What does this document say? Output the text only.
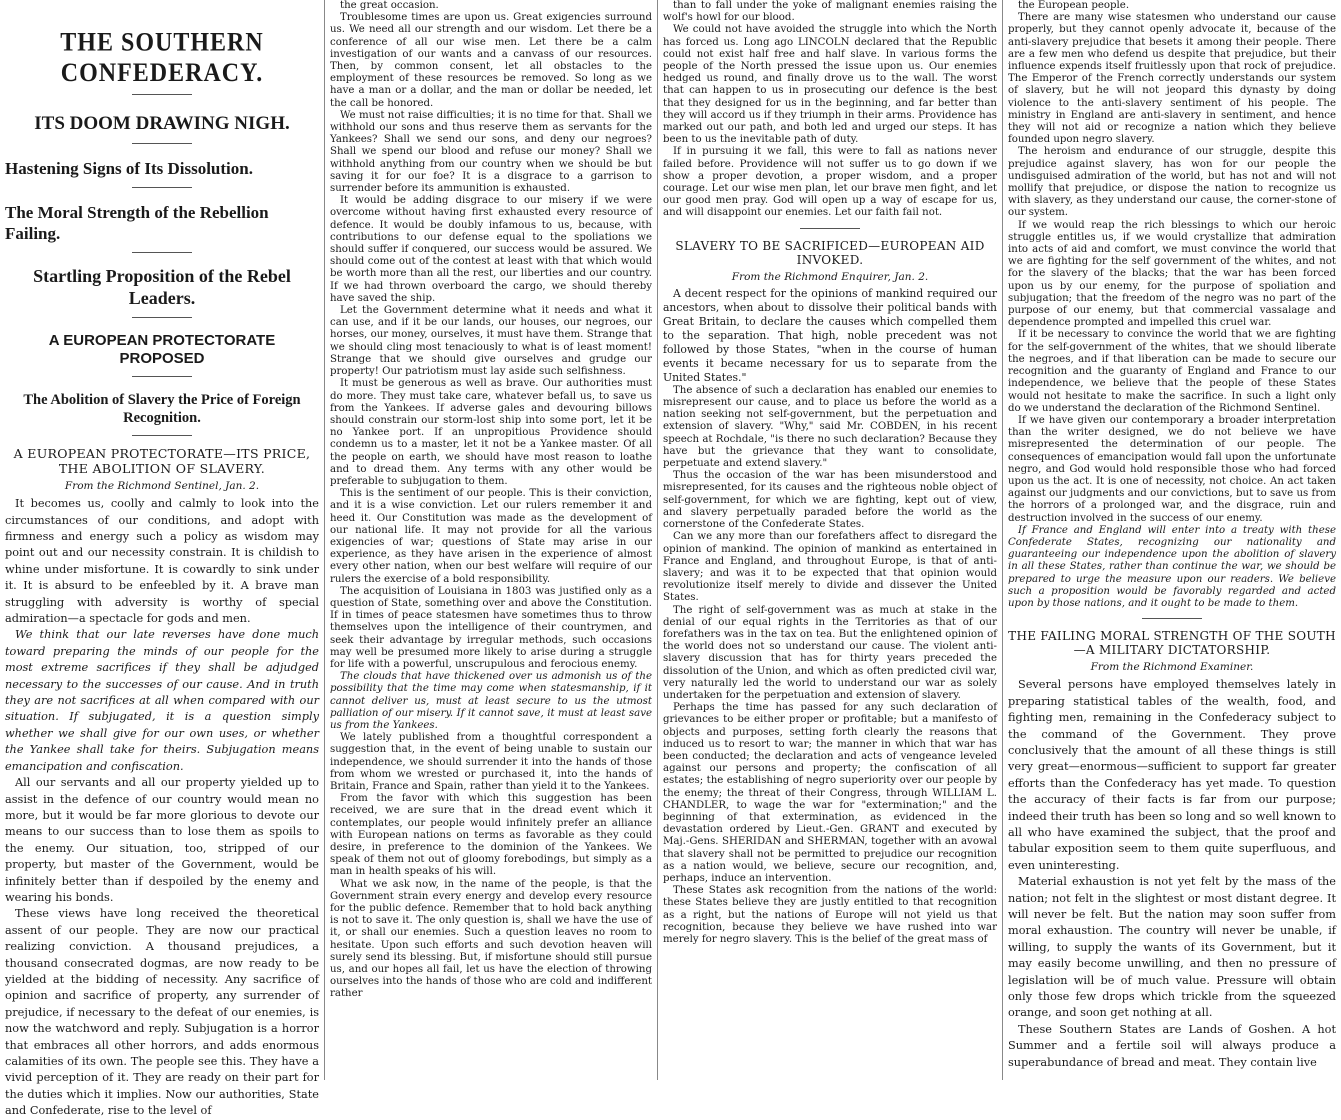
THE SOUTHERN CONFEDERACY.
ITS DOOM DRAWING NIGH.
Hastening Signs of Its Dissolution.
The Moral Strength of the Rebellion Failing.
Startling Proposition of the Rebel Leaders.
A EUROPEAN PROTECTORATE PROPOSED
The Abolition of Slavery the Price of Foreign Recognition.
A EUROPEAN PROTECTORATE—ITS PRICE, THE ABOLITION OF SLAVERY.
From the Richmond Sentinel, Jan. 2.

It becomes us, coolly and calmly to look into the circumstances of our conditions, and adopt with firmness and energy such a policy as wisdom may point out and our necessity constrain. It is childish to whine under misfortune. It is cowardly to sink under it. It is absurd to be enfeebled by it. A brave man struggling with adversity is worthy of special admiration—a spectacle for gods and men.

We think that our late reverses have done much toward preparing the minds of our people for the most extreme sacrifices if they shall be adjudged necessary to the successes of our cause. And in truth they are not sacrifices at all when compared with our situation. If subjugated, it is a question simply whether we shall give for our own uses, or whether the Yankee shall take for theirs. Subjugation means emancipation and confiscation.

All our servants and all our property yielded up to assist in the defence of our country would mean no more, but it would be far more glorious to devote our means to our success than to lose them as spoils to the enemy. Our situation, too, stripped of our property, but master of the Government, would be infinitely better than if despoiled by the enemy and wearing his bonds.

These views have long received the theoretical assent of our people. They are now our practical realizing conviction. A thousand prejudices, a thousand consecrated dogmas, are now ready to be yielded at the bidding of necessity. Any sacrifice of opinion and sacrifice of property, any surrender of prejudice, if necessary to the defeat of our enemies, is now the watchword and reply. Subjugation is a horror that embraces all other horrors, and adds enormous calamities of its own. The people see this. They have a vivid perception of it. They are ready on their part for the duties which it implies. Now our authorities, State and Confederate, rise to the level of

the great occasion.

Troublesome times are upon us. Great exigencies surround us. We need all our strength and our wisdom. Let there be a conference of all our wise men. Let there be a calm investigation of our wants and a canvass of our resources. Then, by common consent, let all obstacles to the employment of these resources be removed. So long as we have a man or a dollar, and the man or dollar be needed, let the call be honored.

We must not raise difficulties; it is no time for that. Shall we withhold our sons and thus reserve them as servants for the Yankees? Shall we send our sons, and deny our negroes? Shall we spend our blood and refuse our money? Shall we withhold anything from our country when we should be but saving it for our foe? It is a disgrace to a garrison to surrender before its ammunition is exhausted.

It would be adding disgrace to our misery if we were overcome without having first exhausted every resource of defence. It would be doubly infamous to us, because, with contributions to our defense equal to the spoliations we should suffer if conquered, our success would be assured. We should come out of the contest at least with that which would be worth more than all the rest, our liberties and our country. If we had thrown overboard the cargo, we should thereby have saved the ship.

Let the Government determine what it needs and what it can use, and if it be our lands, our houses, our negroes, our horses, our money, ourselves, it must have them. Strange that we should cling most tenaciously to what is of least moment! Strange that we should give ourselves and grudge our property! Our patriotism must lay aside such selfishness.

It must be generous as well as brave. Our authorities must do more. They must take care, whatever befall us, to save us from the Yankees. If adverse gales and devouring billows should constrain our storm-lost ship into some port, let it be no Yankee port. If an unpropitious Providence should condemn us to a master, let it not be a Yankee master. Of all the people on earth, we should have most reason to loathe and to dread them. Any terms with any other would be preferable to subjugation to them.

This is the sentiment of our people. This is their conviction, and it is a wise conviction. Let our rulers remember it and heed it. Our Constitution was made as the development of our national life. It may not provide for all the various exigencies of war; questions of State may arise in our experience, as they have arisen in the experience of almost every other nation, when our best welfare will require of our rulers the exercise of a bold responsibility.

The acquisition of Louisiana in 1803 was justified only as a question of State, something over and above the Constitution. If in times of peace statesmen have sometimes thus to throw themselves upon the intelligence of their countrymen, and seek their advantage by irregular methods, such occasions may well be presumed more likely to arise during a struggle for life with a powerful, unscrupulous and ferocious enemy.

The clouds that have thickened over us admonish us of the possibility that the time may come when statesmanship, if it cannot deliver us, must at least secure to us the utmost palliation of our misery. If it cannot save, it must at least save us from the Yankees.

We lately published from a thoughtful correspondent a suggestion that, in the event of being unable to sustain our independence, we should surrender it into the hands of those from whom we wrested or purchased it, into the hands of Britain, France and Spain, rather than yield it to the Yankees.

From the favor with which this suggestion has been received, we are sure that in the dread event which it contemplates, our people would infinitely prefer an alliance with European nations on terms as favorable as they could desire, in preference to the dominion of the Yankees. We speak of them not out of gloomy forebodings, but simply as a man in health speaks of his will.

What we ask now, in the name of the people, is that the Government strain every energy and develop every resource for the public defence. Remember that to hold back anything is not to save it. The only question is, shall we have the use of it, or shall our enemies. Such a question leaves no room to hesitate. Upon such efforts and such devotion heaven will surely send its blessing. But, if misfortune should still pursue us, and our hopes all fail, let us have the election of throwing ourselves into the hands of those who are cold and indifferent rather

than to fall under the yoke of malignant enemies raising the wolf's howl for our blood.

We could not have avoided the struggle into which the North has forced us. Long ago LINCOLN declared that the Republic could not exist half free and half slave. In various forms the people of the North pressed the issue upon us. Our enemies hedged us round, and finally drove us to the wall. The worst that can happen to us in prosecuting our defence is the best that they designed for us in the beginning, and far better than they will accord us if they triumph in their arms. Providence has marked out our path, and both led and urged our steps. It has been to us the inevitable path of duty.

If in pursuing it we fall, this were to fall as nations never failed before. Providence will not suffer us to go down if we show a proper devotion, a proper wisdom, and a proper courage. Let our wise men plan, let our brave men fight, and let our good men pray. God will open up a way of escape for us, and will disappoint our enemies. Let our faith fail not.

SLAVERY TO BE SACRIFICED—EUROPEAN AID INVOKED.
From the Richmond Enquirer, Jan. 2.

A decent respect for the opinions of mankind required our ancestors, when about to dissolve their political bands with Great Britain, to declare the causes which compelled them to the separation. That high, noble precedent was not followed by those States, "when in the course of human events it became necessary for us to separate from the United States."

The absence of such a declaration has enabled our enemies to misrepresent our cause, and to place us before the world as a nation seeking not self-government, but the perpetuation and extension of slavery. "Why," said Mr. COBDEN, in his recent speech at Rochdale, "is there no such declaration? Because they have but the grievance that they want to consolidate, perpetuate and extend slavery."

Thus the occasion of the war has been misunderstood and misrepresented, for its causes and the righteous noble object of self-government, for which we are fighting, kept out of view, and slavery perpetually paraded before the world as the cornerstone of the Confederate States.

Can we any more than our forefathers affect to disregard the opinion of mankind. The opinion of mankind as entertained in France and England, and throughout Europe, is that of anti-slavery; and was it to be expected that that opinion would revolutionize itself merely to divide and dissever the United States.

The right of self-government was as much at stake in the denial of our equal rights in the Territories as that of our forefathers was in the tax on tea. But the enlightened opinion of the world does not so understand our cause. The violent anti-slavery discussion that has for thirty years preceded the dissolution of the Union, and which as often predicted civil war, very naturally led the world to understand our war as solely undertaken for the perpetuation and extension of slavery.

Perhaps the time has passed for any such declaration of grievances to be either proper or profitable; but a manifesto of objects and purposes, setting forth clearly the reasons that induced us to resort to war; the manner in which that war has been conducted; the declaration and acts of vengeance leveled against our persons and property; the confiscation of all estates; the establishing of negro superiority over our people by the enemy; the threat of their Congress, through WILLIAM L. CHANDLER, to wage the war for "extermination;" and the beginning of that extermination, as evidenced in the devastation ordered by Lieut.-Gen. GRANT and executed by Maj.-Gens. SHERIDAN and SHERMAN, together with an avowal that slavery shall not be permitted to prejudice our recognition as a nation would, we believe, secure our recognition, and, perhaps, induce an intervention.

These States ask recognition from the nations of the world: these States believe they are justly entitled to that recognition as a right, but the nations of Europe will not yield us that recognition, because they believe we have rushed into war merely for negro slavery. This is the belief of the great mass of

the European people.

There are many wise statesmen who understand our cause properly, but they cannot openly advocate it, because of the anti-slavery prejudice that besets it among their people. There are a few men who defend us despite that prejudice, but their influence expends itself fruitlessly upon that rock of prejudice. The Emperor of the French correctly understands our system of slavery, but he will not jeopard this dynasty by doing violence to the anti-slavery sentiment of his people. The ministry in England are anti-slavery in sentiment, and hence they will not aid or recognize a nation which they believe founded upon negro slavery.

The heroism and endurance of our struggle, despite this prejudice against slavery, has won for our people the undisguised admiration of the world, but has not and will not mollify that prejudice, or dispose the nation to recognize us with slavery, as they understand our cause, the corner-stone of our system.

If we would reap the rich blessings to which our heroic struggle entitles us, if we would crystallize that admiration into acts of aid and comfort, we must convince the world that we are fighting for the self government of the whites, and not for the slavery of the blacks; that the war has been forced upon us by our enemy, for the purpose of spoliation and subjugation; that the freedom of the negro was no part of the purpose of our enemy, but that commercial vassalage and dependence prompted and impelled this cruel war.

If it be necessary to convince the world that we are fighting for the self-government of the whites, that we should liberate the negroes, and if that liberation can be made to secure our recognition and the guaranty of England and France to our independence, we believe that the people of these States would not hesitate to make the sacrifice. In such a light only do we understand the declaration of the Richmond Sentinel.

If we have given our contemporary a broader interpretation than the writer designed, we do not believe we have misrepresented the determination of our people. The consequences of emancipation would fall upon the unfortunate negro, and God would hold responsible those who had forced upon us the act. It is one of necessity, not choice. An act taken against our judgments and our convictions, but to save us from the horrors of a prolonged war, and the disgrace, ruin and destruction involved in the success of our enemy.

If France and England will enter into a treaty with these Confederate States, recognizing our nationality and guaranteeing our independence upon the abolition of slavery in all these States, rather than continue the war, we should be prepared to urge the measure upon our readers. We believe such a proposition would be favorably regarded and acted upon by those nations, and it ought to be made to them.

THE FAILING MORAL STRENGTH OF THE SOUTH—A MILITARY DICTATORSHIP.
From the Richmond Examiner.

Several persons have employed themselves lately in preparing statistical tables of the wealth, food, and fighting men, remaining in the Confederacy subject to the command of the Government. They prove conclusively that the amount of all these things is still very great—enormous—sufficient to support far greater efforts than the Confederacy has yet made. To question the accuracy of their facts is far from our purpose; indeed their truth has been so long and so well known to all who have examined the subject, that the proof and tabular exposition seem to them quite superfluous, and even uninteresting.

Material exhaustion is not yet felt by the mass of the nation; not felt in the slightest or most distant degree. It will never be felt. But the nation may soon suffer from moral exhaustion. The country will never be unable, if willing, to supply the wants of its Government, but it may easily become unwilling, and then no pressure of legislation will be of much value. Pressure will obtain only those few drops which trickle from the squeezed orange, and soon get nothing at all.

These Southern States are Lands of Goshen. A hot Summer and a fertile soil will always produce a superabundance of bread and meat. They contain live
